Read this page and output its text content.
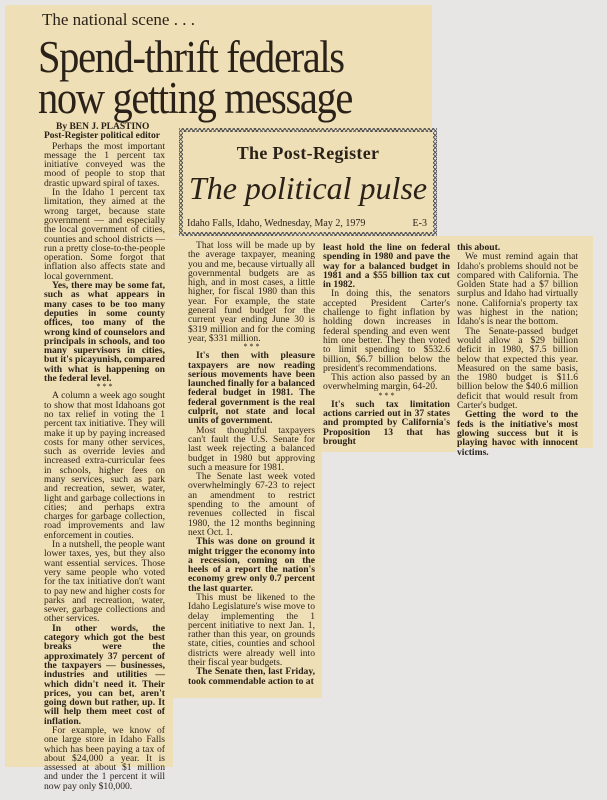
The national scene . . .
Spend-thrift federals
now getting message
The Post-Register
The political pulse
Idaho Falls, Idaho, Wednesday, May 2, 1979	E-3

By BEN J. PLASTINO

Post-Register political editor

Perhaps the most important message the 1 percent tax initiative conveyed was the mood of people to stop that drastic upward spiral of taxes.

In the Idaho 1 percent tax limitation, they aimed at the wrong target, because state government — and especially the local government of cities, counties and school districts — run a pretty close-to-the-people operation. Some forgot that inflation also affects state and local government.

Yes, there may be some fat, such as what appears in many cases to be too many deputies in some county offices, too many of the wrong kind of counselors and principals in schools, and too many supervisors in cities, but it's picayunish, compared with what is happening on the federal level.

* * *

A column a week ago sought to show that most Idahoans got no tax relief in voting the 1 percent tax initiative. They will make it up by paying increased costs for many other services, such as override levies and increased extra-curricular fees in schools, higher fees on many services, such as park and recreation, sewer, water, light and garbage collections in cities; and perhaps extra charges for garbage collection, road improvements and law enforcement in couties.

In a nutshell, the people want lower taxes, yes, but they also want essential services. Those very same people who voted for the tax initiative don't want to pay new and higher costs for parks and recreation, water, sewer, garbage collections and other services.

In other words, the category which got the best breaks were the approximately 37 percent of the taxpayers — businesses, industries and utilities — which didn't need it. Their prices, you can bet, aren't going down but rather, up. It will help them meet cost of inflation.

For example, we know of one large store in Idaho Falls which has been paying a tax of about $24,000 a year. It is assessed at about $1 million and under the 1 percent it will now pay only $10,000.

That loss will be made up by the average taxpayer, meaning you and me, because virtually all governmental budgets are as high, and in most cases, a little higher, for fiscal 1980 than this year. For example, the state general fund budget for the current year ending June 30 is $319 million and for the coming year, $331 million.

* * *

It's then with pleasure taxpayers are now reading serious movements have been launched finally for a balanced federal budget in 1981. The federal government is the real culprit, not state and local units of government.

Most thoughtful taxpayers can't fault the U.S. Senate for last week rejecting a balanced budget in 1980 but approving such a measure for 1981.

The Senate last week voted overwhelmingly 67-23 to reject an amendment to restrict spending to the amount of revenues collected in fiscal 1980, the 12 months beginning next Oct. 1.

This was done on ground it might trigger the economy into a recession, coming on the heels of a report the nation's economy grew only 0.7 percent the last quarter.

This must be likened to the Idaho Legislature's wise move to delay implementing the 1 percent initiative to next Jan. 1, rather than this year, on grounds state, cities, counties and school districts were already well into their fiscal year budgets.

The Senate then, last Friday, took commendable action to at

least hold the line on federal spending in 1980 and pave the way for a balanced budget in 1981 and a $55 billion tax cut in 1982.

In doing this, the senators accepted President Carter's challenge to fight inflation by holding down increases in federal spending and even went him one better. They then voted to limit spending to $532.6 billion, $6.7 billion below the president's recommendations.

This action also passed by an overwhelming margin, 64-20.

* * *

It's such tax limitation actions carried out in 37 states and prompted by California's Proposition 13 that has brought

this about.

We must remind again that Idaho's problems should not be compared with California. The Golden State had a $7 billion surplus and Idaho had virtually none. California's property tax was highest in the nation; Idaho's is near the bottom.

The Senate-passed budget would allow a $29 billion deficit in 1980, $7.5 billion below that expected this year. Measured on the same basis, the 1980 budget is $11.6 billion below the $40.6 million deficit that would result from Carter's budget.

Getting the word to the feds is the initiative's most glowing success but it is playing havoc with innocent victims.
